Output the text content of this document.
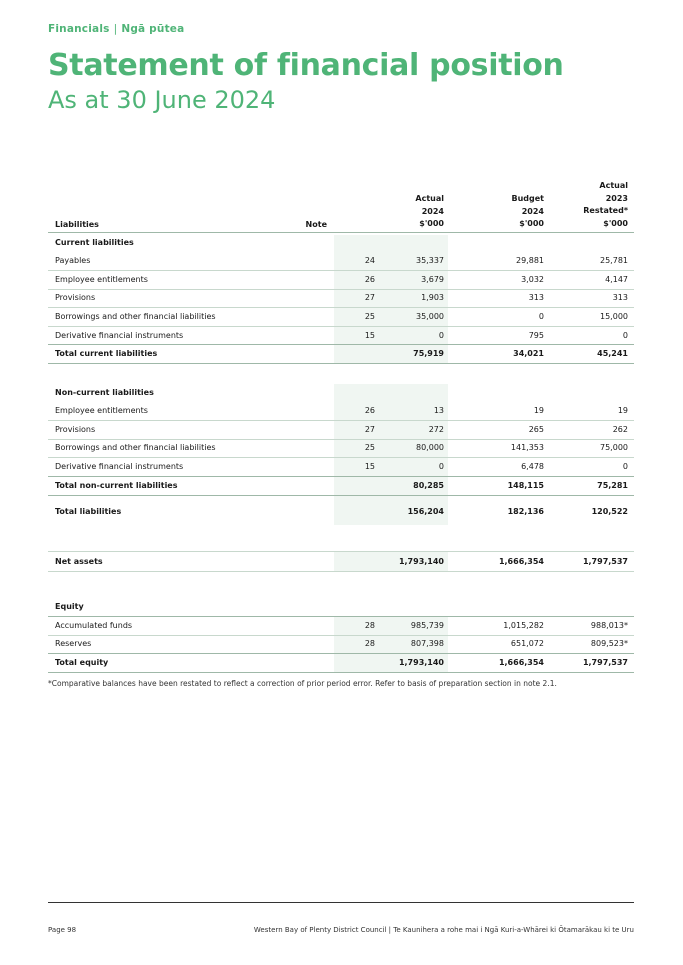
Financials | Ngā pūtea
Statement of financial position
As at 30 June 2024
Liabilities	Note
Actual
2024
$'000
Budget
2024
$'000
Actual
2023
Restated*
$'000
Current liabilities
Payables	24	35,337	29,881	25,781
Employee entitlements	26	3,679	3,032	4,147
Provisions	27	1,903	313	313
Borrowings and other financial liabilities	25	35,000	0	15,000
Derivative financial instruments	15	0	795	0
Total current liabilities	75,919	34,021	45,241
Non-current liabilities
Employee entitlements	26	13	19	19
Provisions	27	272	265	262
Borrowings and other financial liabilities	25	80,000	141,353	75,000
Derivative financial instruments	15	0	6,478	0
Total non-current liabilities	80,285	148,115	75,281
Total liabilities	156,204	182,136	120,522
Net assets	1,793,140	1,666,354	1,797,537
Equity
Accumulated funds	28	985,739	1,015,282	988,013*
Reserves	28	807,398	651,072	809,523*
Total equity	1,793,140	1,666,354	1,797,537
*Comparative balances have been restated to reflect a correction of prior period error. Refer to basis of preparation section in note 2.1.
Page 98	Western Bay of Plenty District Council | Te Kaunihera a rohe mai i Ngā Kuri-a-Whārei ki Ōtamarākau ki te Uru
